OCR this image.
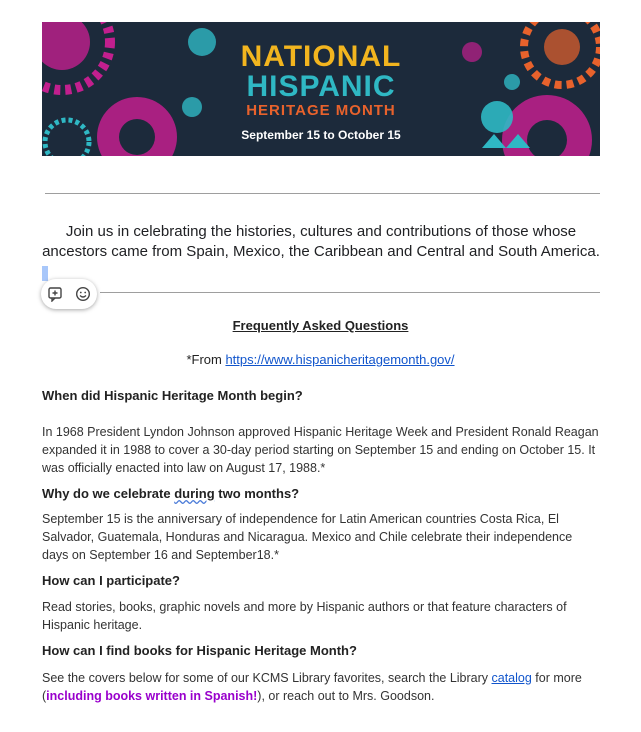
NATIONAL
HISPANIC
HERITAGE MONTH
September 15 to October 15
Join us in celebrating the histories, cultures and contributions of those whose ancestors came from Spain, Mexico, the Caribbean and Central and South America.
Frequently Asked Questions
*From https://www.hispanicheritagemonth.gov/
When did Hispanic Heritage Month begin?
In 1968 President Lyndon Johnson approved Hispanic Heritage Week and President Ronald Reagan expanded it in 1988 to cover a 30-day period starting on September 15 and ending on October 15. It was officially enacted into law on August 17, 1988.*
Why do we celebrate during two months?
September 15 is the anniversary of independence for Latin American countries Costa Rica, El Salvador, Guatemala, Honduras and Nicaragua. Mexico and Chile celebrate their independence days on September 16 and September18.*
How can I participate?
Read stories, books, graphic novels and more by Hispanic authors or that feature characters of Hispanic heritage.
How can I find books for Hispanic Heritage Month?
See the covers below for some of our KCMS Library favorites, search the Library catalog for more (including books written in Spanish!), or reach out to Mrs. Goodson.
